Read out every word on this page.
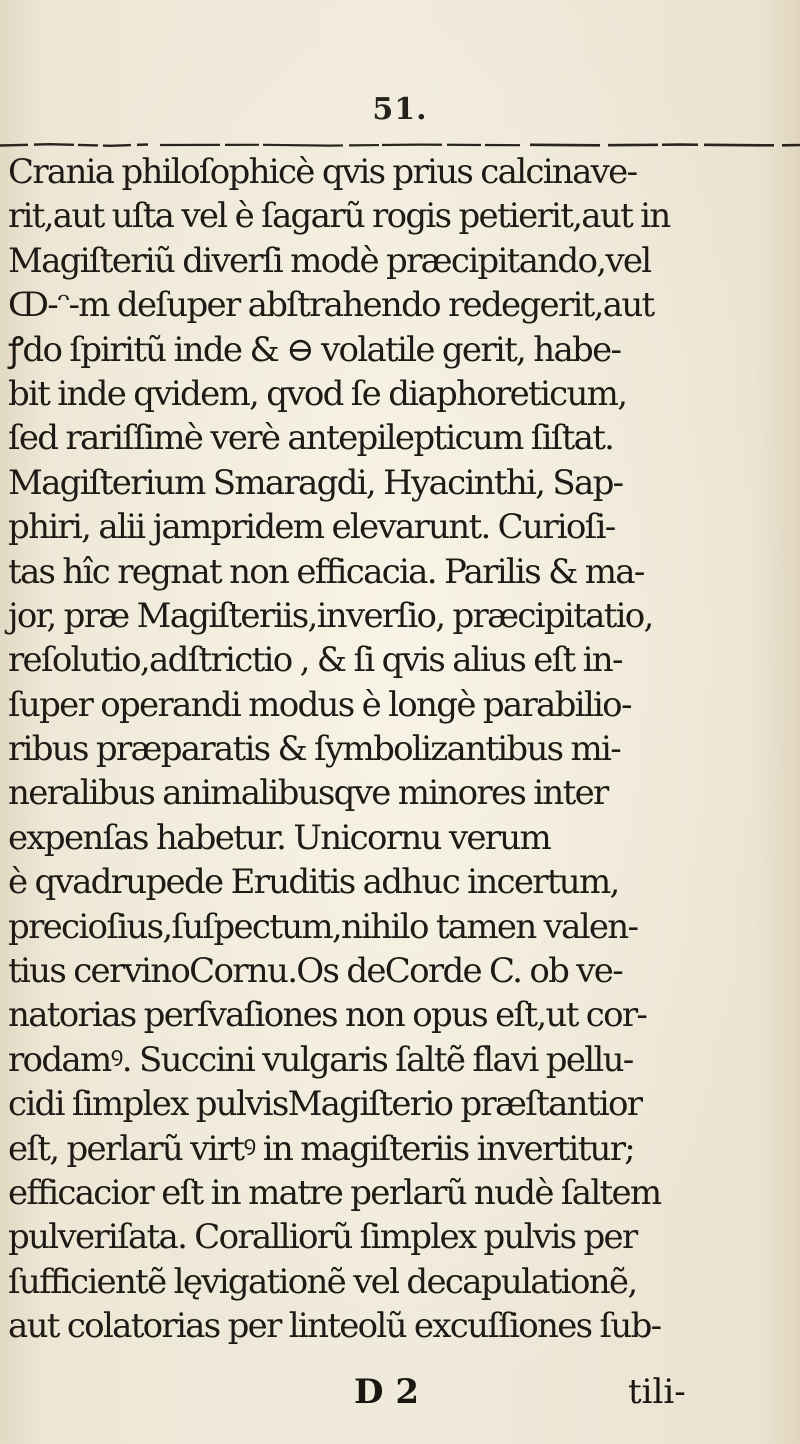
51.
Crania philoſophicè qvis prius calcinave-
rit,aut uſta vel è ſagarũ rogis petierit,aut in
Magiſteriũ diverſi modè præcipitando,vel
ↀ-ᵔ-m deſuper abſtrahendo redegerit,aut
ꝭdo ſpiritũ inde & ⊖ volatile gerit, habe-
bit inde qvidem, qvod ſe diaphoreticum,
ſed rariſſimè verè antepilepticum ſiſtat.
Magiſterium Smaragdi, Hyacinthi, Sap-
phiri, alii jampridem elevarunt. Curioſi-
tas hîc regnat non efficacia. Parilis & ma-
jor, præ Magiſteriis,inverſio, præcipitatio,
reſolutio,adſtrictio , & ſi qvis alius eſt in-
ſuper operandi modus è longè parabilio-
ribus præparatis & ſymbolizantibus mi-
neralibus animalibusqve minores inter
expenſas habetur. Unicornu verum
è qvadrupede Eruditis adhuc incertum,
precioſius,ſuſpectum,nihilo tamen valen-
tius cervinoCornu.Os deCorde C. ob ve-
natorias perſvaſiones non opus eſt,ut cor-
rodamꝰ. Succini vulgaris ſaltẽ flavi pellu-
cidi ſimplex pulvisMagiſterio præſtantior
eſt, perlarũ virtꝰ in magiſteriis invertitur;
efficacior eſt in matre perlarũ nudè ſaltem
pulveriſata. Coralliorũ ſimplex pulvis per
ſufficientẽ lęvigationẽ vel decapulationẽ,
aut colatorias per linteolũ excuſſiones ſub-
D 2	tili-
